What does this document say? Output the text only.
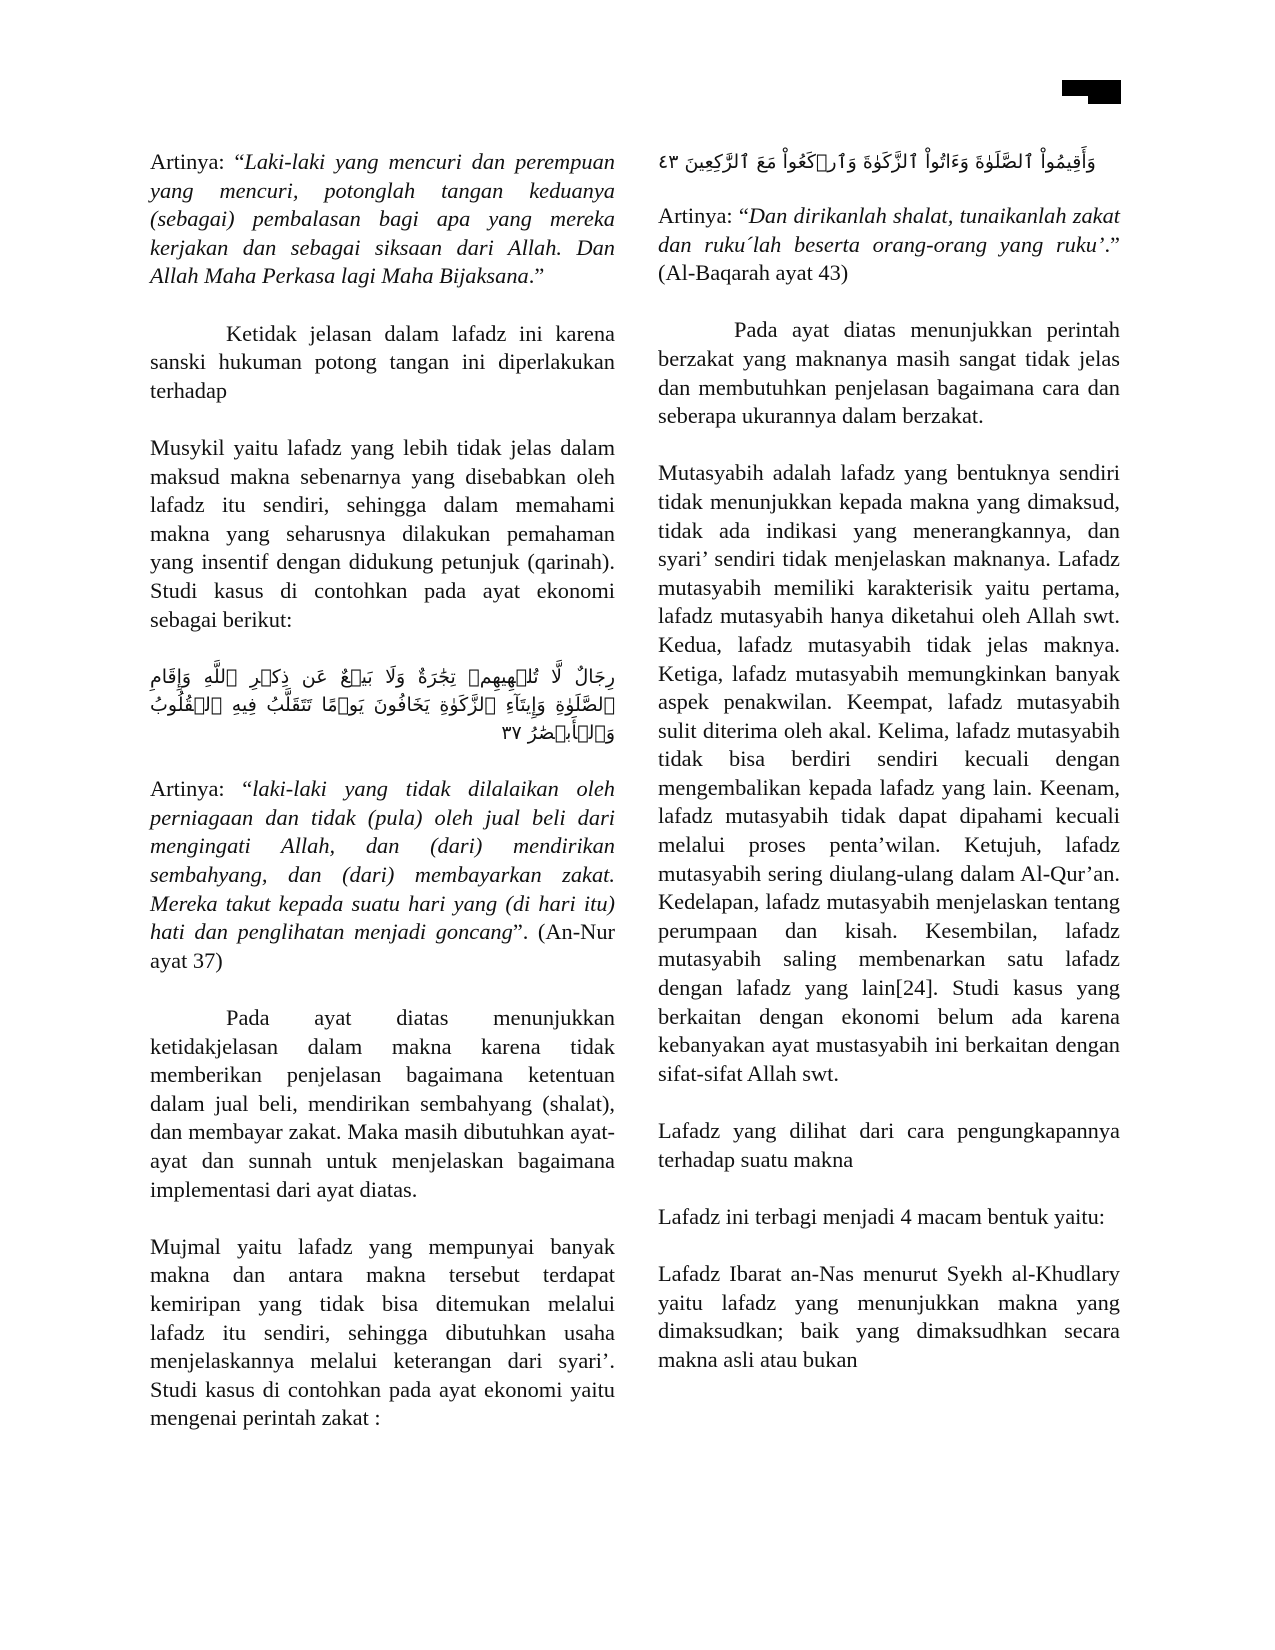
Artinya: “Laki-laki yang mencuri dan perempuan yang mencuri, potonglah tangan keduanya (sebagai) pembalasan bagi apa yang mereka kerjakan dan sebagai siksaan dari Allah. Dan Allah Maha Perkasa lagi Maha Bijaksana.”

Ketidak jelasan dalam lafadz ini karena sanski hukuman potong tangan ini diperlakukan terhadap

Musykil yaitu lafadz yang lebih tidak jelas dalam maksud makna sebenarnya yang disebabkan oleh lafadz itu sendiri, sehingga dalam memahami makna yang seharusnya dilakukan pemahaman yang insentif dengan didukung petunjuk (qarinah). Studi kasus di contohkan pada ayat ekonomi sebagai berikut:

رِجَالٌ لَّا تُلۡهِيهِمۡ تِجَٰرَةٌ وَلَا بَيۡعٌ عَن ذِكۡرِ ٱللَّهِ وَإِقَامِ ٱلصَّلَوٰةِ وَإِيتَآءِ ٱلزَّكَوٰةِ يَخَافُونَ يَوۡمًا تَتَقَلَّبُ فِيهِ ٱلۡقُلُوبُ وَٱلۡأَبۡصَٰرُ ٣٧

Artinya: “laki-laki yang tidak dilalaikan oleh perniagaan dan tidak (pula) oleh jual beli dari mengingati Allah, dan (dari) mendirikan sembahyang, dan (dari) membayarkan zakat. Mereka takut kepada suatu hari yang (di hari itu) hati dan penglihatan menjadi goncang”. (An-Nur ayat 37)

Pada ayat diatas menunjukkan ketidakjelasan dalam makna karena tidak memberikan penjelasan bagaimana ketentuan dalam jual beli, mendirikan sembahyang (shalat), dan membayar zakat. Maka masih dibutuhkan ayat-ayat dan sunnah untuk menjelaskan bagaimana implementasi dari ayat diatas.

Mujmal yaitu lafadz yang mempunyai banyak makna dan antara makna tersebut terdapat kemiripan yang tidak bisa ditemukan melalui lafadz itu sendiri, sehingga dibutuhkan usaha menjelaskannya melalui keterangan dari syari’. Studi kasus di contohkan pada ayat ekonomi yaitu mengenai perintah zakat :

وَأَقِيمُواْ ٱلصَّلَوٰةَ وَءَاتُواْ ٱلزَّكَوٰةَ وَٱرۡكَعُواْ مَعَ ٱلرَّٰكِعِينَ ٤٣

Artinya: “Dan dirikanlah shalat, tunaikanlah zakat dan ruku´lah beserta orang-orang yang ruku’.” (Al-Baqarah ayat 43)

Pada ayat diatas menunjukkan perintah berzakat yang maknanya masih sangat tidak jelas dan membutuhkan penjelasan bagaimana cara dan seberapa ukurannya dalam berzakat.

Mutasyabih adalah lafadz yang bentuknya sendiri tidak menunjukkan kepada makna yang dimaksud, tidak ada indikasi yang menerangkannya, dan syari’ sendiri tidak menjelaskan maknanya. Lafadz mutasyabih memiliki karakterisik yaitu pertama, lafadz mutasyabih hanya diketahui oleh Allah swt. Kedua, lafadz mutasyabih tidak jelas maknya. Ketiga, lafadz mutasyabih memungkinkan banyak aspek penakwilan. Keempat, lafadz mutasyabih sulit diterima oleh akal. Kelima, lafadz mutasyabih tidak bisa berdiri sendiri kecuali dengan mengembalikan kepada lafadz yang lain. Keenam, lafadz mutasyabih tidak dapat dipahami kecuali melalui proses penta’wilan. Ketujuh, lafadz mutasyabih sering diulang-ulang dalam Al-Qur’an. Kedelapan, lafadz mutasyabih menjelaskan tentang perumpaan dan kisah. Kesembilan, lafadz mutasyabih saling membenarkan satu lafadz dengan lafadz yang lain[24]. Studi kasus yang berkaitan dengan ekonomi belum ada karena kebanyakan ayat mustasyabih ini berkaitan dengan sifat-sifat Allah swt.

Lafadz yang dilihat dari cara pengungkapannya terhadap suatu makna

Lafadz ini terbagi menjadi 4 macam bentuk yaitu:

Lafadz Ibarat an-Nas menurut Syekh al-Khudlary yaitu lafadz yang menunjukkan makna yang dimaksudkan; baik yang dimaksudhkan secara makna asli atau bukan
